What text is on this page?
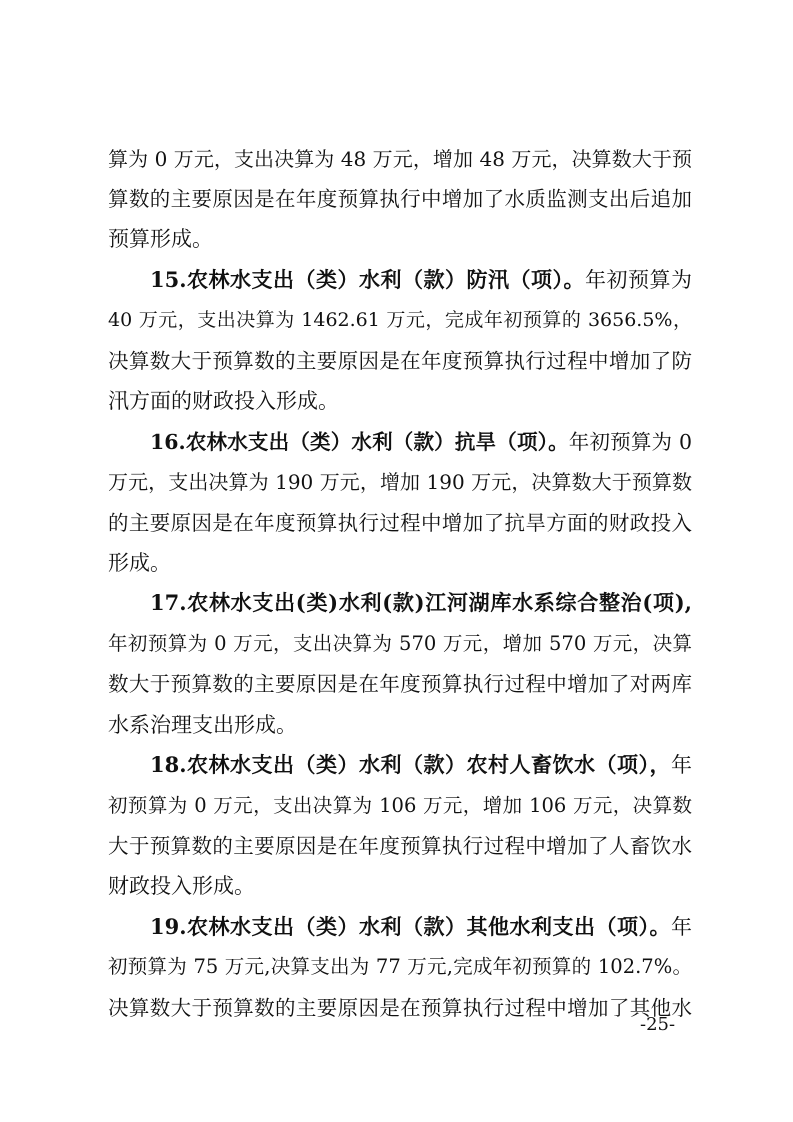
算为 0 万元，支出决算为 48 万元，增加 48 万元，决算数大于预
算数的主要原因是在年度预算执行中增加了水质监测支出后追加
预算形成。
15.农林水支出（类）水利（款）防汛（项）。年初预算为
40 万元，支出决算为 1462.61 万元，完成年初预算的 3656.5%，
决算数大于预算数的主要原因是在年度预算执行过程中增加了防
汛方面的财政投入形成。
16.农林水支出（类）水利（款）抗旱（项）。年初预算为 0
万元，支出决算为 190 万元，增加 190 万元，决算数大于预算数
的主要原因是在年度预算执行过程中增加了抗旱方面的财政投入
形成。
17.农林水支出(类)水利(款)江河湖库水系综合整治(项),
年初预算为 0 万元，支出决算为 570 万元，增加 570 万元，决算
数大于预算数的主要原因是在年度预算执行过程中增加了对两库
水系治理支出形成。
18.农林水支出（类）水利（款）农村人畜饮水（项），年
初预算为 0 万元，支出决算为 106 万元，增加 106 万元，决算数
大于预算数的主要原因是在年度预算执行过程中增加了人畜饮水
财政投入形成。
19.农林水支出（类）水利（款）其他水利支出（项）。年
初预算为 75 万元,决算支出为 77 万元,完成年初预算的 102.7%。
决算数大于预算数的主要原因是在预算执行过程中增加了其他水
-25-
